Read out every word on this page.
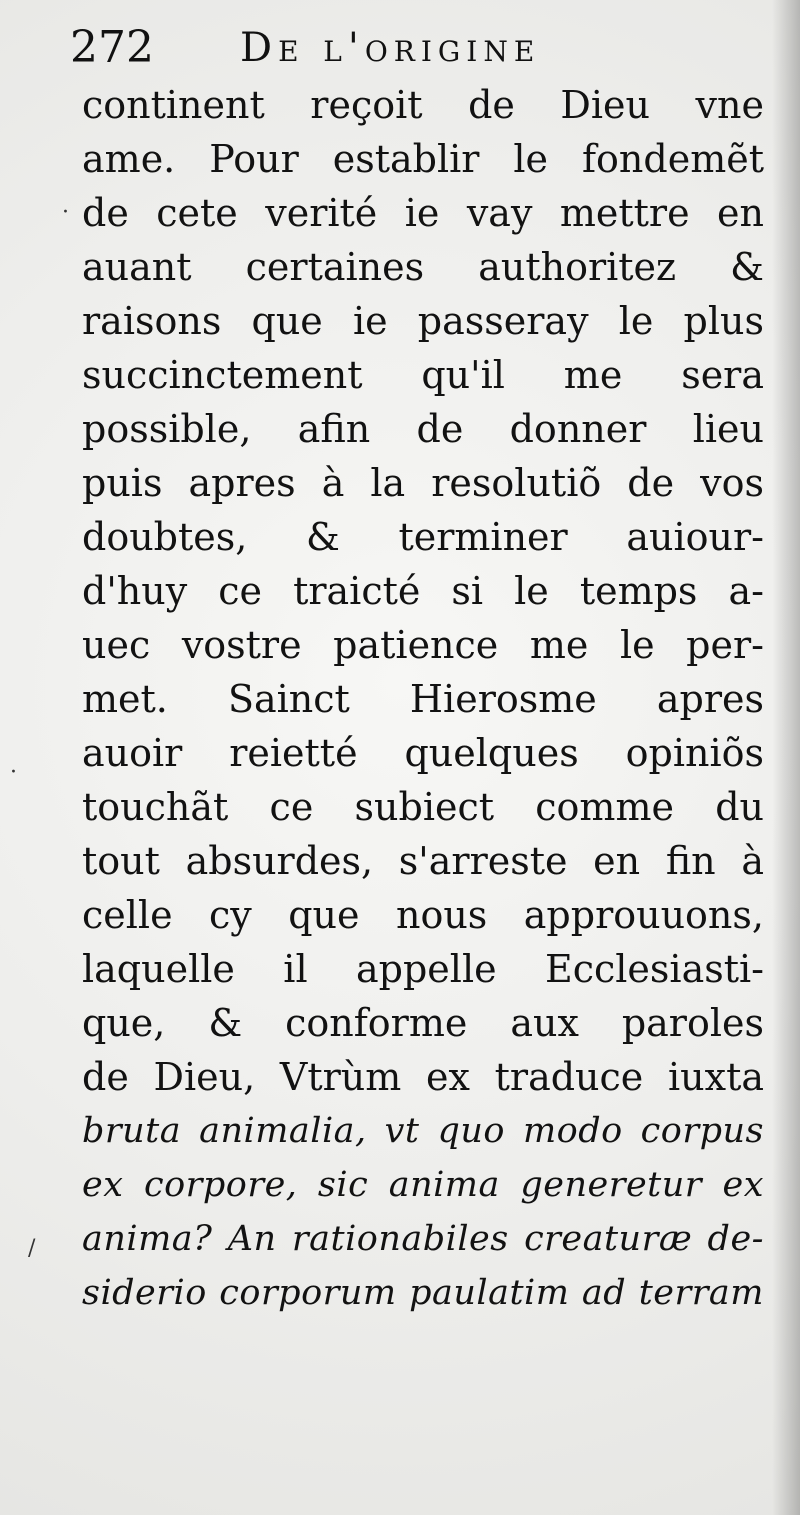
272 De l'origine
·
·
/
continent reçoit de Dieu vne
ame. Pour establir le fondemẽt
de cete verité ie vay mettre en
auant certaines authoritez &
raisons que ie passeray le plus
succinctement qu'il me sera
possible, afin de donner lieu
puis apres à la resolutiõ de vos
doubtes, & terminer auiour-
d'huy ce traicté si le temps a-
uec vostre patience me le per-
met. Sainct Hierosme apres
auoir reietté quelques opiniõs
touchãt ce subiect comme du
tout absurdes, s'arreste en fin à
celle cy que nous approuuons,
laquelle il appelle Ecclesiasti-
que, & conforme aux paroles
de Dieu, Vtrùm ex traduce iuxta
bruta animalia, vt quo modo corpus
ex corpore, sic anima generetur ex
anima? An rationabiles creaturæ de-
siderio corporum paulatim ad terram
